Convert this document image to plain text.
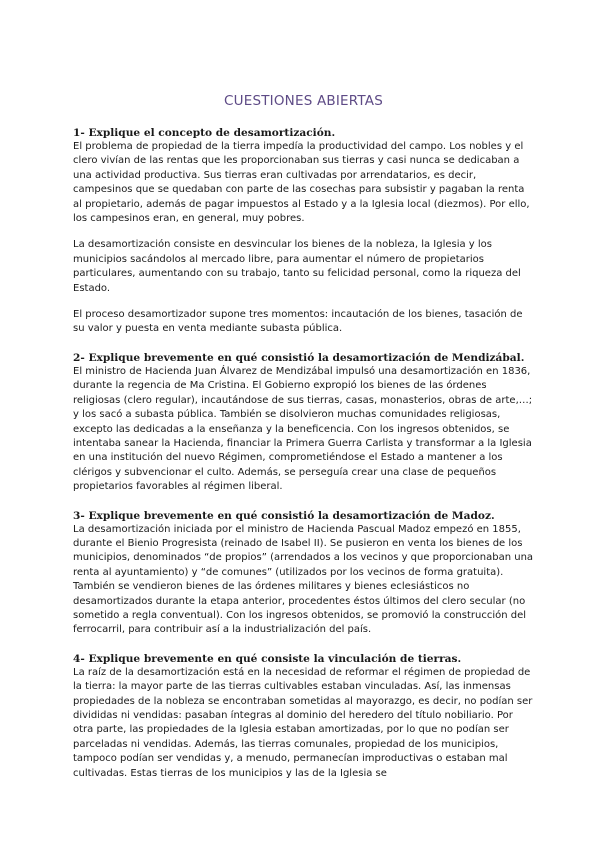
CUESTIONES ABIERTAS
1- Explique el concepto de desamortización.

El problema de propiedad de la tierra impedía la productividad del campo. Los nobles y el clero vivían de las rentas que les proporcionaban sus tierras y casi nunca se dedicaban a una actividad productiva. Sus tierras eran cultivadas por arrendatarios, es decir, campesinos que se quedaban con parte de las cosechas para subsistir y pagaban la renta al propietario, además de pagar impuestos al Estado y a la Iglesia local (diezmos). Por ello, los campesinos eran, en general, muy pobres.

La desamortización consiste en desvincular los bienes de la nobleza, la Iglesia y los municipios sacándolos al mercado libre, para aumentar el número de propietarios particulares, aumentando con su trabajo, tanto su felicidad personal, como la riqueza del Estado.

El proceso desamortizador supone tres momentos: incautación de los bienes, tasación de su valor y puesta en venta mediante subasta pública.

2- Explique brevemente en qué consistió la desamortización de Mendizábal.

El ministro de Hacienda Juan Álvarez de Mendizábal impulsó una desamortización en 1836, durante la regencia de Ma Cristina. El Gobierno expropió los bienes de las órdenes religiosas (clero regular), incautándose de sus tierras, casas, monasterios, obras de arte,…; y los sacó a subasta pública. También se disolvieron muchas comunidades religiosas, excepto las dedicadas a la enseñanza y la beneficencia. Con los ingresos obtenidos, se intentaba sanear la Hacienda, financiar la Primera Guerra Carlista y transformar a la Iglesia en una institución del nuevo Régimen, comprometiéndose el Estado a mantener a los clérigos y subvencionar el culto. Además, se perseguía crear una clase de pequeños propietarios favorables al régimen liberal.

3- Explique brevemente en qué consistió la desamortización de Madoz.

La desamortización iniciada por el ministro de Hacienda Pascual Madoz empezó en 1855, durante el Bienio Progresista (reinado de Isabel II). Se pusieron en venta los bienes de los municipios, denominados “de propios” (arrendados a los vecinos y que proporcionaban una renta al ayuntamiento) y “de comunes” (utilizados por los vecinos de forma gratuita). También se vendieron bienes de las órdenes militares y bienes eclesiásticos no desamortizados durante la etapa anterior, procedentes éstos últimos del clero secular (no sometido a regla conventual). Con los ingresos obtenidos, se promovió la construcción del ferrocarril, para contribuir así a la industrialización del país.

4- Explique brevemente en qué consiste la vinculación de tierras.

La raíz de la desamortización está en la necesidad de reformar el régimen de propiedad de la tierra: la mayor parte de las tierras cultivables estaban vinculadas. Así, las inmensas propiedades de la nobleza se encontraban sometidas al mayorazgo, es decir, no podían ser divididas ni vendidas: pasaban íntegras al dominio del heredero del título nobiliario. Por otra parte, las propiedades de la Iglesia estaban amortizadas, por lo que no podían ser parceladas ni vendidas. Además, las tierras comunales, propiedad de los municipios, tampoco podían ser vendidas y, a menudo, permanecían improductivas o estaban mal cultivadas. Estas tierras de los municipios y las de la Iglesia se
